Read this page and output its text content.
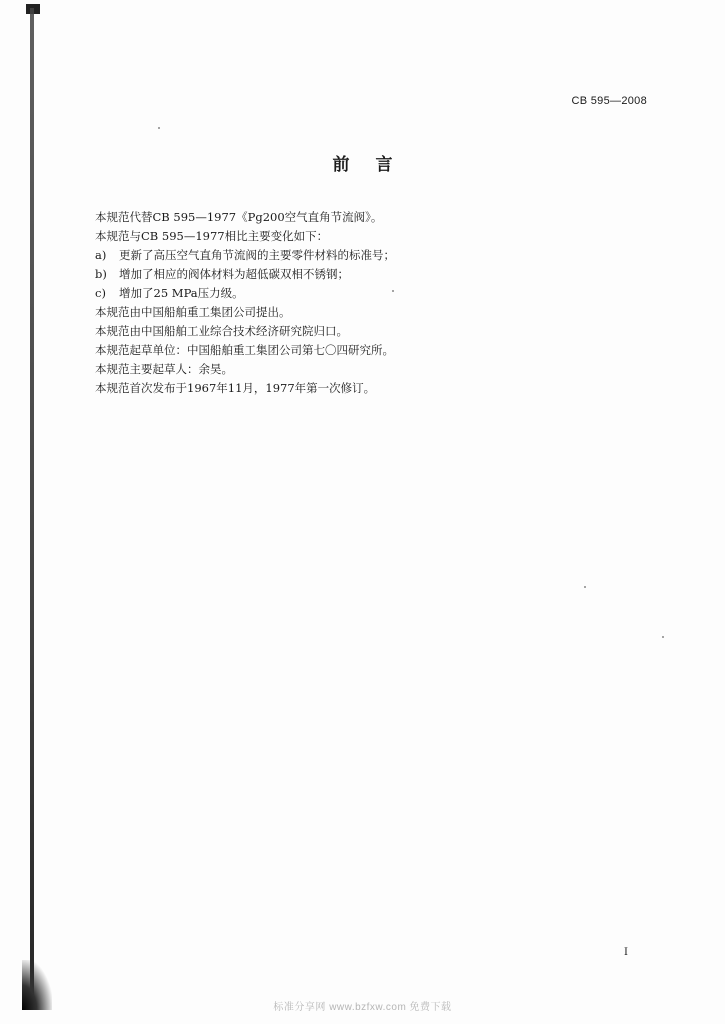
CB 595—2008
前言
本规范代替CB 595—1977《Pg200空气直角节流阀》。
本规范与CB 595—1977相比主要变化如下：
a) 更新了高压空气直角节流阀的主要零件材料的标准号；
b) 增加了相应的阀体材料为超低碳双相不锈钢；
c) 增加了25 MPa压力级。
本规范由中国船舶重工集团公司提出。
本规范由中国船舶工业综合技术经济研究院归口。
本规范起草单位：中国船舶重工集团公司第七〇四研究所。
本规范主要起草人：余昊。
本规范首次发布于1967年11月，1977年第一次修订。
I
标准分享网 www.bzfxw.com 免费下载
